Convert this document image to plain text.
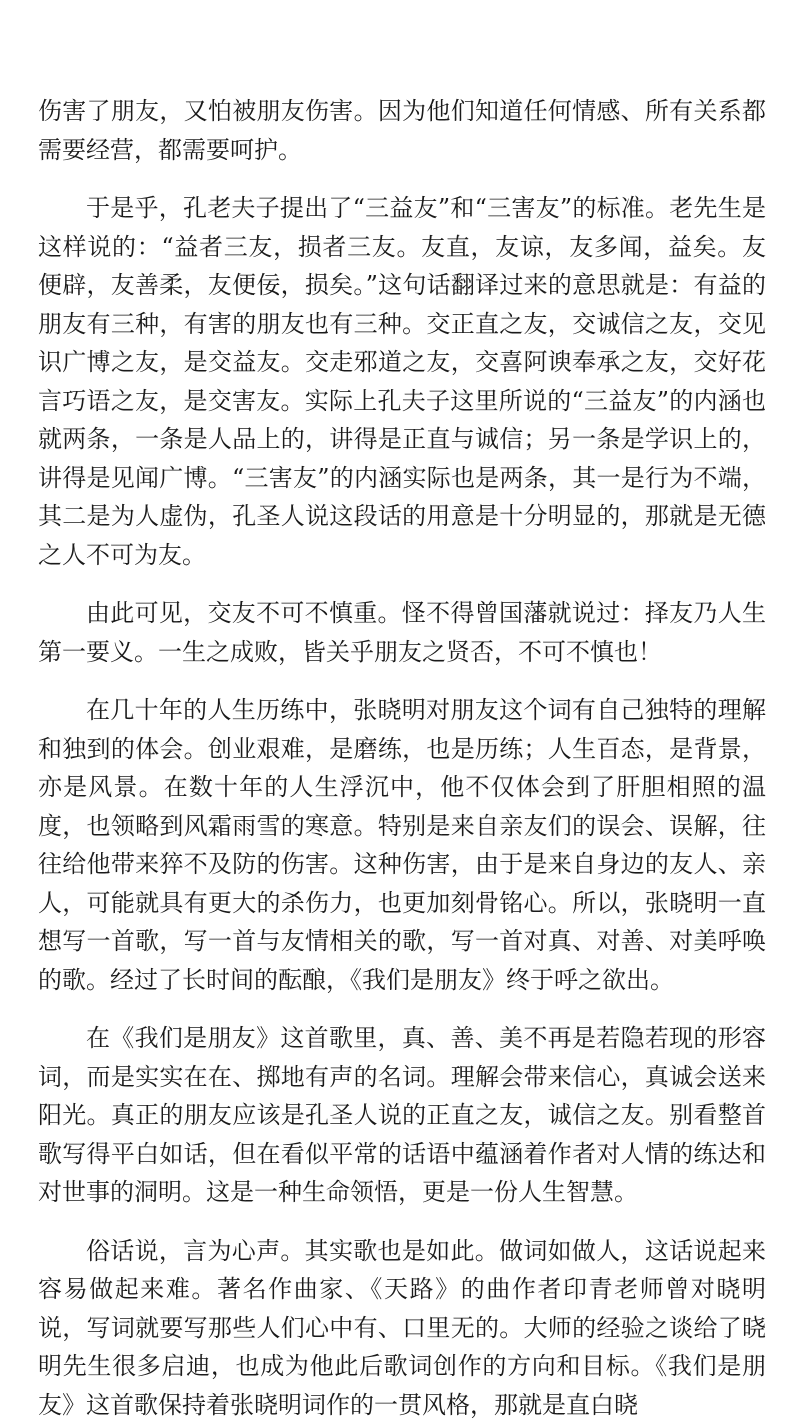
伤害了朋友，又怕被朋友伤害。因为他们知道任何情感、所有关系都需要经营，都需要呵护。

于是乎，孔老夫子提出了“三益友”和“三害友”的标准。老先生是这样说的：“益者三友，损者三友。友直，友谅，友多闻，益矣。友便辟，友善柔，友便佞，损矣。”这句话翻译过来的意思就是：有益的朋友有三种，有害的朋友也有三种。交正直之友，交诚信之友，交见识广博之友，是交益友。交走邪道之友，交喜阿谀奉承之友，交好花言巧语之友，是交害友。实际上孔夫子这里所说的“三益友”的内涵也就两条，一条是人品上的，讲得是正直与诚信；另一条是学识上的，讲得是见闻广博。“三害友”的内涵实际也是两条，其一是行为不端，其二是为人虚伪，孔圣人说这段话的用意是十分明显的，那就是无德之人不可为友。

由此可见，交友不可不慎重。怪不得曾国藩就说过：择友乃人生第一要义。一生之成败，皆关乎朋友之贤否，不可不慎也！

在几十年的人生历练中，张晓明对朋友这个词有自己独特的理解和独到的体会。创业艰难，是磨练，也是历练；人生百态，是背景，亦是风景。在数十年的人生浮沉中，他不仅体会到了肝胆相照的温度，也领略到风霜雨雪的寒意。特别是来自亲友们的误会、误解，往往给他带来猝不及防的伤害。这种伤害，由于是来自身边的友人、亲人，可能就具有更大的杀伤力，也更加刻骨铭心。所以，张晓明一直想写一首歌，写一首与友情相关的歌，写一首对真、对善、对美呼唤的歌。经过了长时间的酝酿，《我们是朋友》终于呼之欲出。

在《我们是朋友》这首歌里，真、善、美不再是若隐若现的形容词，而是实实在在、掷地有声的名词。理解会带来信心，真诚会送来阳光。真正的朋友应该是孔圣人说的正直之友，诚信之友。别看整首歌写得平白如话，但在看似平常的话语中蕴涵着作者对人情的练达和对世事的洞明。这是一种生命领悟，更是一份人生智慧。

俗话说，言为心声。其实歌也是如此。做词如做人，这话说起来容易做起来难。著名作曲家、《天路》的曲作者印青老师曾对晓明说，写词就要写那些人们心中有、口里无的。大师的经验之谈给了晓明先生很多启迪，也成为他此后歌词创作的方向和目标。《我们是朋友》这首歌保持着张晓明词作的一贯风格，那就是直白晓
